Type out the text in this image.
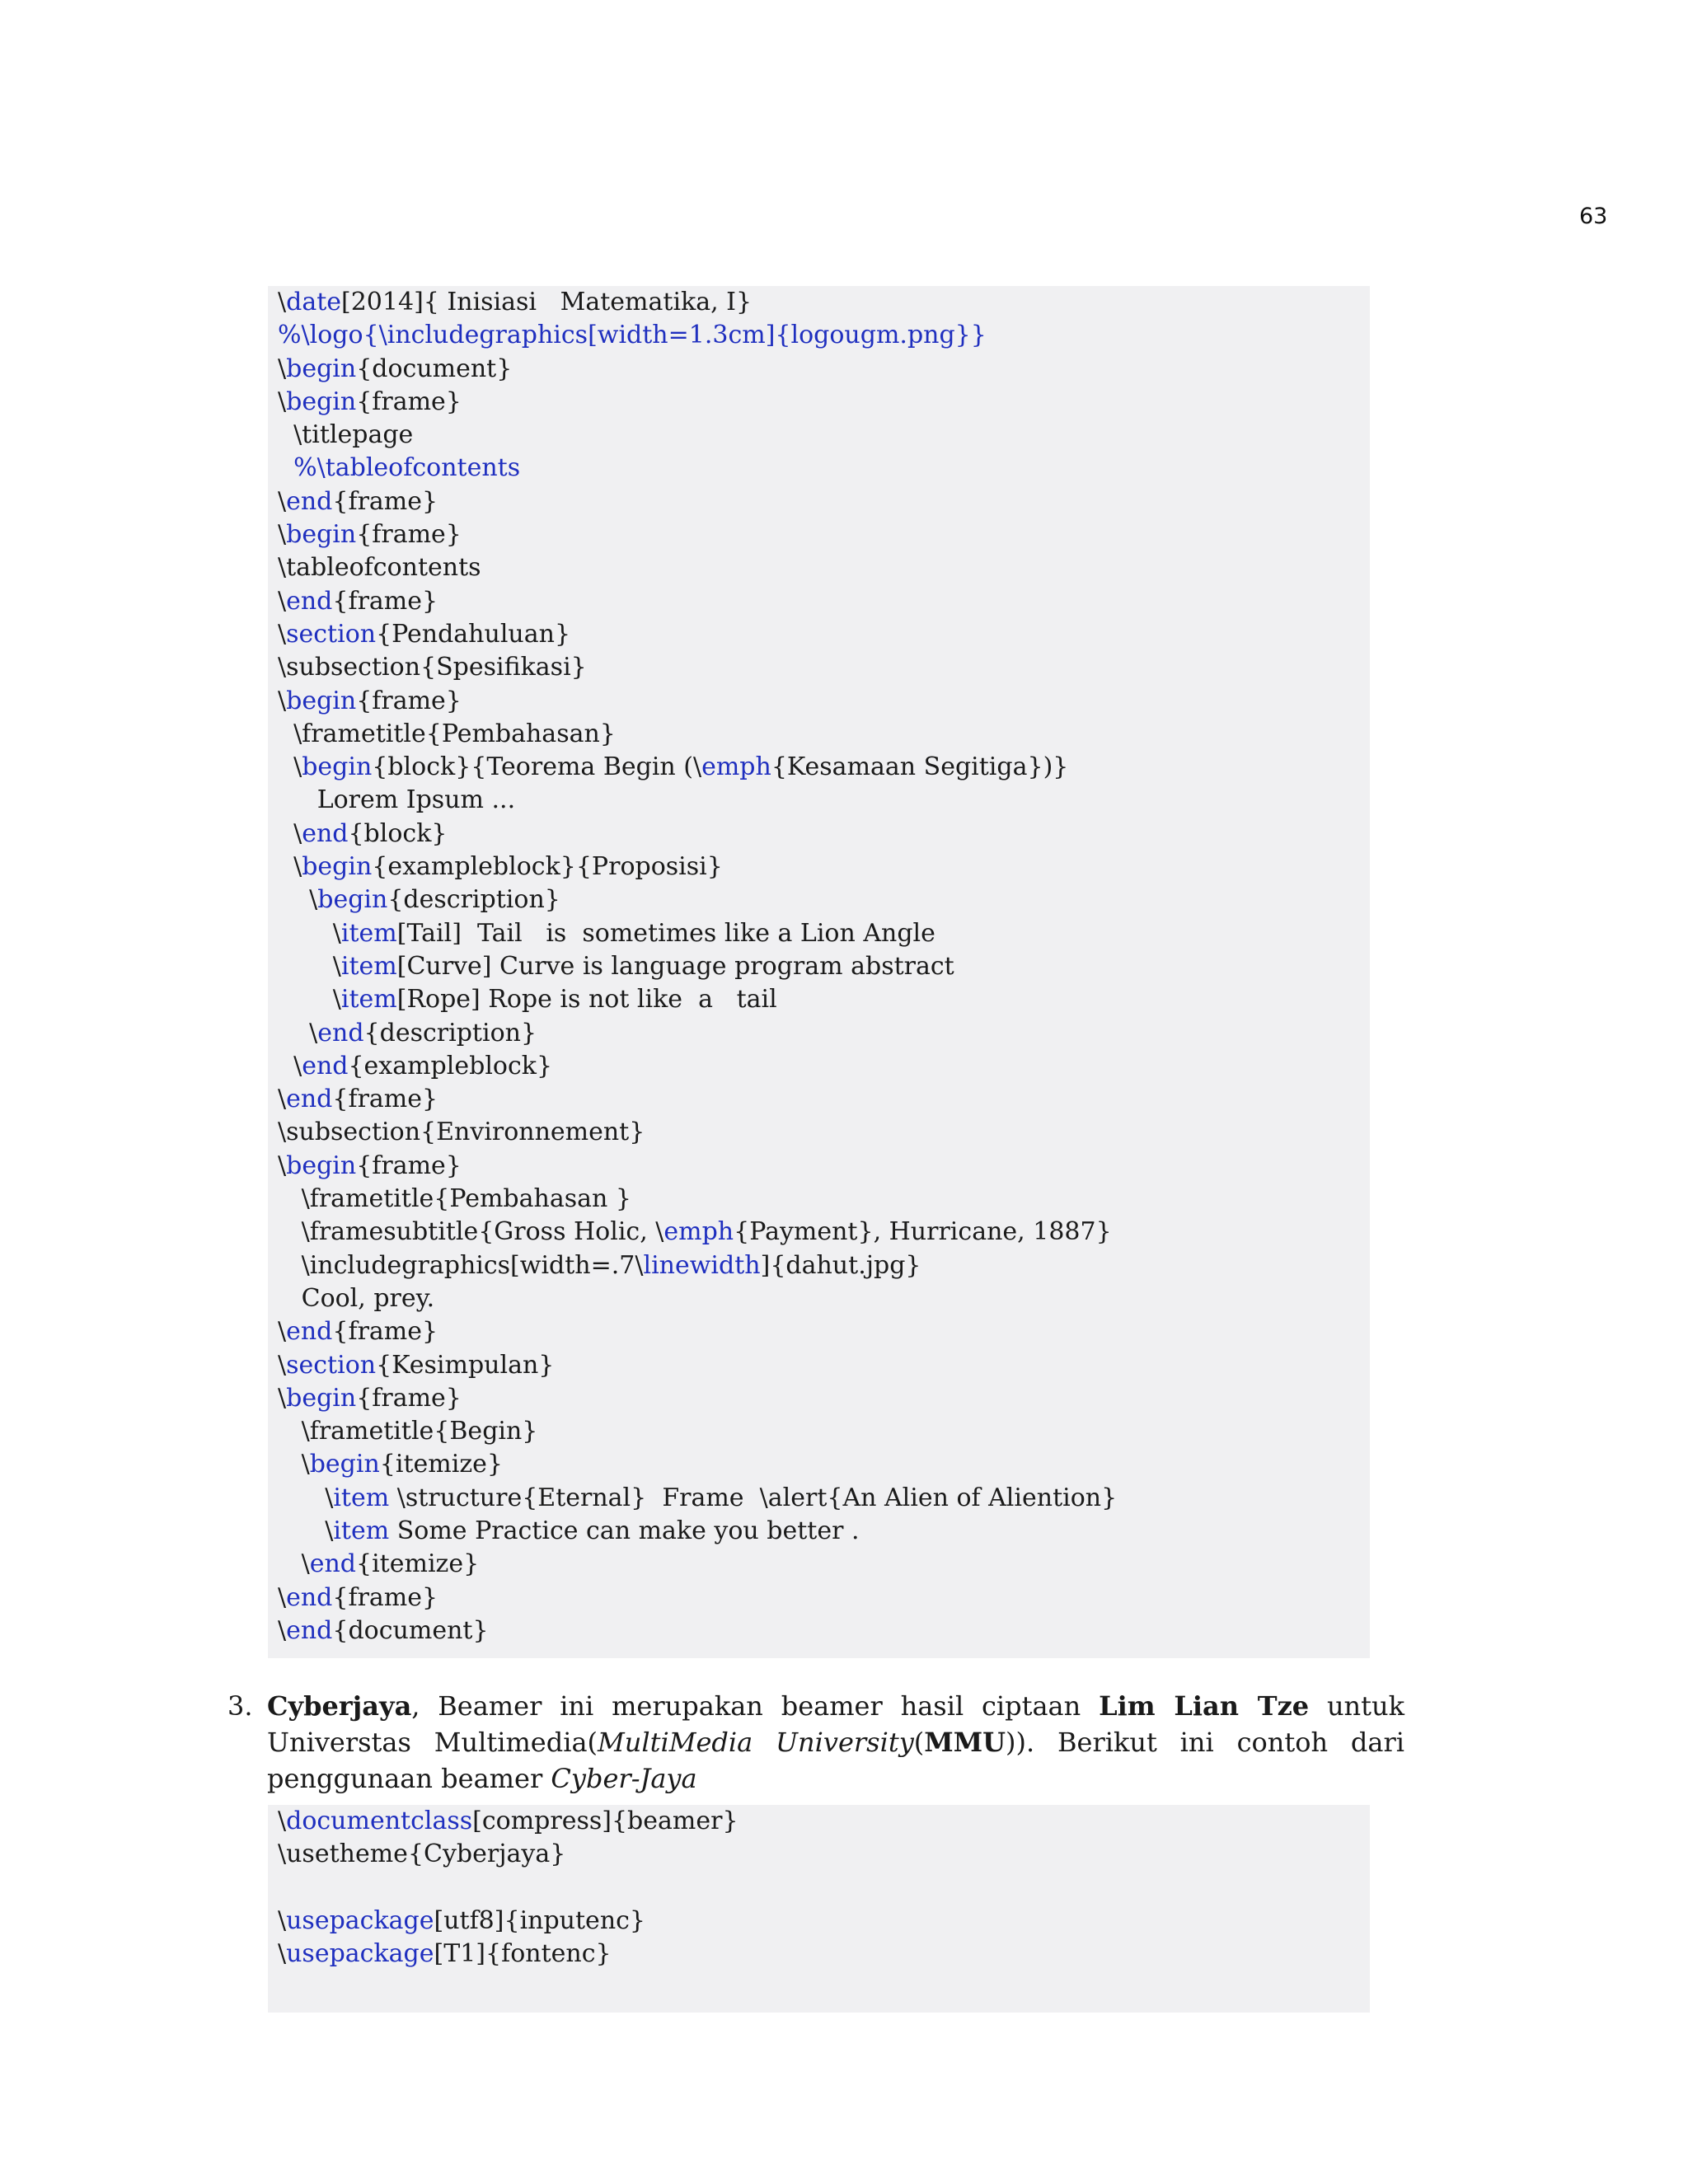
63
\date[2014]{ Inisiasi   Matematika, I}
%\logo{\includegraphics[width=1.3cm]{logougm.png}}
\begin{document}
\begin{frame}
\titlepage
%\tableofcontents
\end{frame}
\begin{frame}
\tableofcontents
\end{frame}
\section{Pendahuluan}
\subsection{Spesifikasi}
\begin{frame}
\frametitle{Pembahasan}
\begin{block}{Teorema Begin (\emph{Kesamaan Segitiga})}
Lorem Ipsum ...
\end{block}
\begin{exampleblock}{Proposisi}
\begin{description}
\item[Tail]  Tail   is  sometimes like a Lion Angle
\item[Curve] Curve is language program abstract
\item[Rope] Rope is not like  a   tail
\end{description}
\end{exampleblock}
\end{frame}
\subsection{Environnement}
\begin{frame}
\frametitle{Pembahasan }
\framesubtitle{Gross Holic, \emph{Payment}, Hurricane, 1887}
\includegraphics[width=.7\linewidth]{dahut.jpg}
Cool, prey.
\end{frame}
\section{Kesimpulan}
\begin{frame}
\frametitle{Begin}
\begin{itemize}
\item \structure{Eternal}  Frame  \alert{An Alien of Aliention}
\item Some Practice can make you better .
\end{itemize}
\end{frame}
\end{document}
3. Cyberjaya, Beamer ini merupakan beamer hasil ciptaan Lim Lian Tze untuk Universtas Multimedia(MultiMedia University(MMU)). Berikut ini contoh dari penggunaan beamer Cyber-Jaya
\documentclass[compress]{beamer}
\usetheme{Cyberjaya}
\usepackage[utf8]{inputenc}
\usepackage[T1]{fontenc}
